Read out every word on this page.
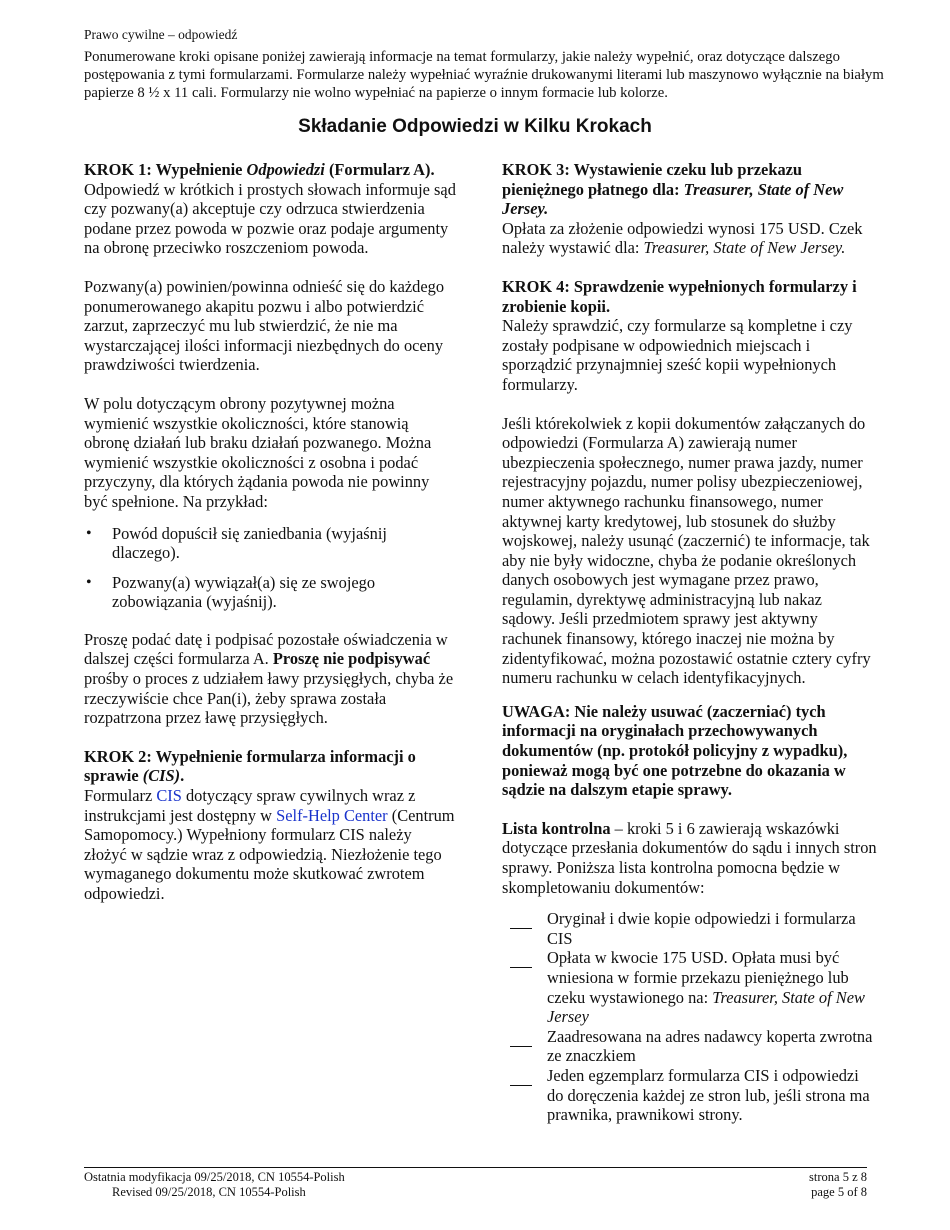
Prawo cywilne – odpowiedź
Ponumerowane kroki opisane poniżej zawierają informacje na temat formularzy, jakie należy wypełnić, oraz dotyczące dalszego postępowania z tymi formularzami. Formularze należy wypełniać wyraźnie drukowanymi literami lub maszynowo wyłącznie na białym papierze 8 ½ x 11 cali. Formularzy nie wolno wypełniać na papierze o innym formacie lub kolorze.
Składanie Odpowiedzi w Kilku Krokach

KROK 1: Wypełnienie Odpowiedzi (Formularz A).

Odpowiedź w krótkich i prostych słowach informuje sąd czy pozwany(a) akceptuje czy odrzuca stwierdzenia podane przez powoda w pozwie oraz podaje argumenty na obronę przeciwko roszczeniom powoda.

Pozwany(a) powinien/powinna odnieść się do każdego ponumerowanego akapitu pozwu i albo potwierdzić zarzut, zaprzeczyć mu lub stwierdzić, że nie ma wystarczającej ilości informacji niezbędnych do oceny prawdziwości twierdzenia.

W polu dotyczącym obrony pozytywnej można wymienić wszystkie okoliczności, które stanowią obronę działań lub braku działań pozwanego. Można wymienić wszystkie okoliczności z osobna i podać przyczyny, dla których żądania powoda nie powinny być spełnione. Na przykład:

• Powód dopuścił się zaniedbania (wyjaśnij dlaczego).
• Pozwany(a) wywiązał(a) się ze swojego zobowiązania (wyjaśnij).

Proszę podać datę i podpisać pozostałe oświadczenia w dalszej części formularza A. Proszę nie podpisywać prośby o proces z udziałem ławy przysięgłych, chyba że rzeczywiście chce Pan(i), żeby sprawa została rozpatrzona przez ławę przysięgłych.

KROK 2: Wypełnienie formularza informacji o sprawie (CIS).

Formularz CIS dotyczący spraw cywilnych wraz z instrukcjami jest dostępny w Self-Help Center (Centrum Samopomocy.) Wypełniony formularz CIS należy złożyć w sądzie wraz z odpowiedzią. Niezłożenie tego wymaganego dokumentu może skutkować zwrotem odpowiedzi.

KROK 3: Wystawienie czeku lub przekazu pieniężnego płatnego dla: Treasurer, State of New Jersey.

Opłata za złożenie odpowiedzi wynosi 175 USD. Czek należy wystawić dla: Treasurer, State of New Jersey.

KROK 4: Sprawdzenie wypełnionych formularzy i zrobienie kopii.

Należy sprawdzić, czy formularze są kompletne i czy zostały podpisane w odpowiednich miejscach i sporządzić przynajmniej sześć kopii wypełnionych formularzy.

Jeśli którekolwiek z kopii dokumentów załączanych do odpowiedzi (Formularza A) zawierają numer ubezpieczenia społecznego, numer prawa jazdy, numer rejestracyjny pojazdu, numer polisy ubezpieczeniowej, numer aktywnego rachunku finansowego, numer aktywnej karty kredytowej, lub stosunek do służby wojskowej, należy usunąć (zaczernić) te informacje, tak aby nie były widoczne, chyba że podanie określonych danych osobowych jest wymagane przez prawo, regulamin, dyrektywę administracyjną lub nakaz sądowy. Jeśli przedmiotem sprawy jest aktywny rachunek finansowy, którego inaczej nie można by zidentyfikować, można pozostawić ostatnie cztery cyfry numeru rachunku w celach identyfikacyjnych.

UWAGA: Nie należy usuwać (zaczerniać) tych informacji na oryginałach przechowywanych dokumentów (np. protokół policyjny z wypadku), ponieważ mogą być one potrzebne do okazania w sądzie na dalszym etapie sprawy.

Lista kontrolna – kroki 5 i 6 zawierają wskazówki dotyczące przesłania dokumentów do sądu i innych stron sprawy. Poniższa lista kontrolna pomocna będzie w skompletowaniu dokumentów:

Oryginał i dwie kopie odpowiedzi i formularza CIS
Opłata w kwocie 175 USD. Opłata musi być wniesiona w formie przekazu pieniężnego lub czeku wystawionego na: Treasurer, State of New Jersey
Zaadresowana na adres nadawcy koperta zwrotna ze znaczkiem
Jeden egzemplarz formularza CIS i odpowiedzi do doręczenia każdej ze stron lub, jeśli strona ma prawnika, prawnikowi strony.
Ostatnia modyfikacja 09/25/2018, CN 10554-Polish
Revised 09/25/2018, CN 10554-Polish
strona 5 z 8
page 5 of 8
